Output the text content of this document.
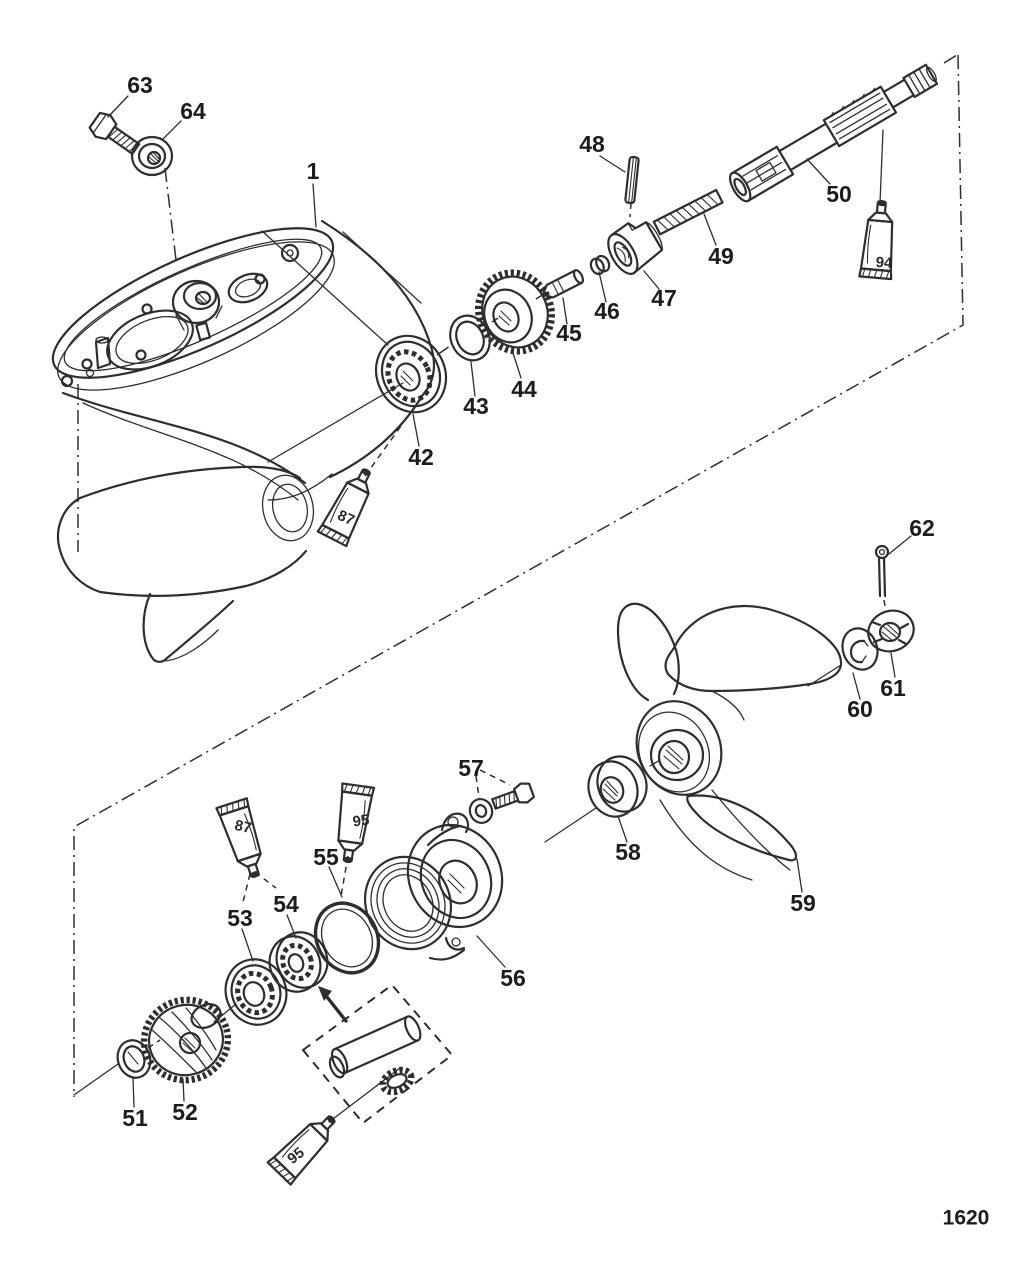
1
42
43
44
45
46 47
48
49
50
51 52
53
54
55
56
57
58
59
60
61
62
63
64
87
87
94
95
95
1620
